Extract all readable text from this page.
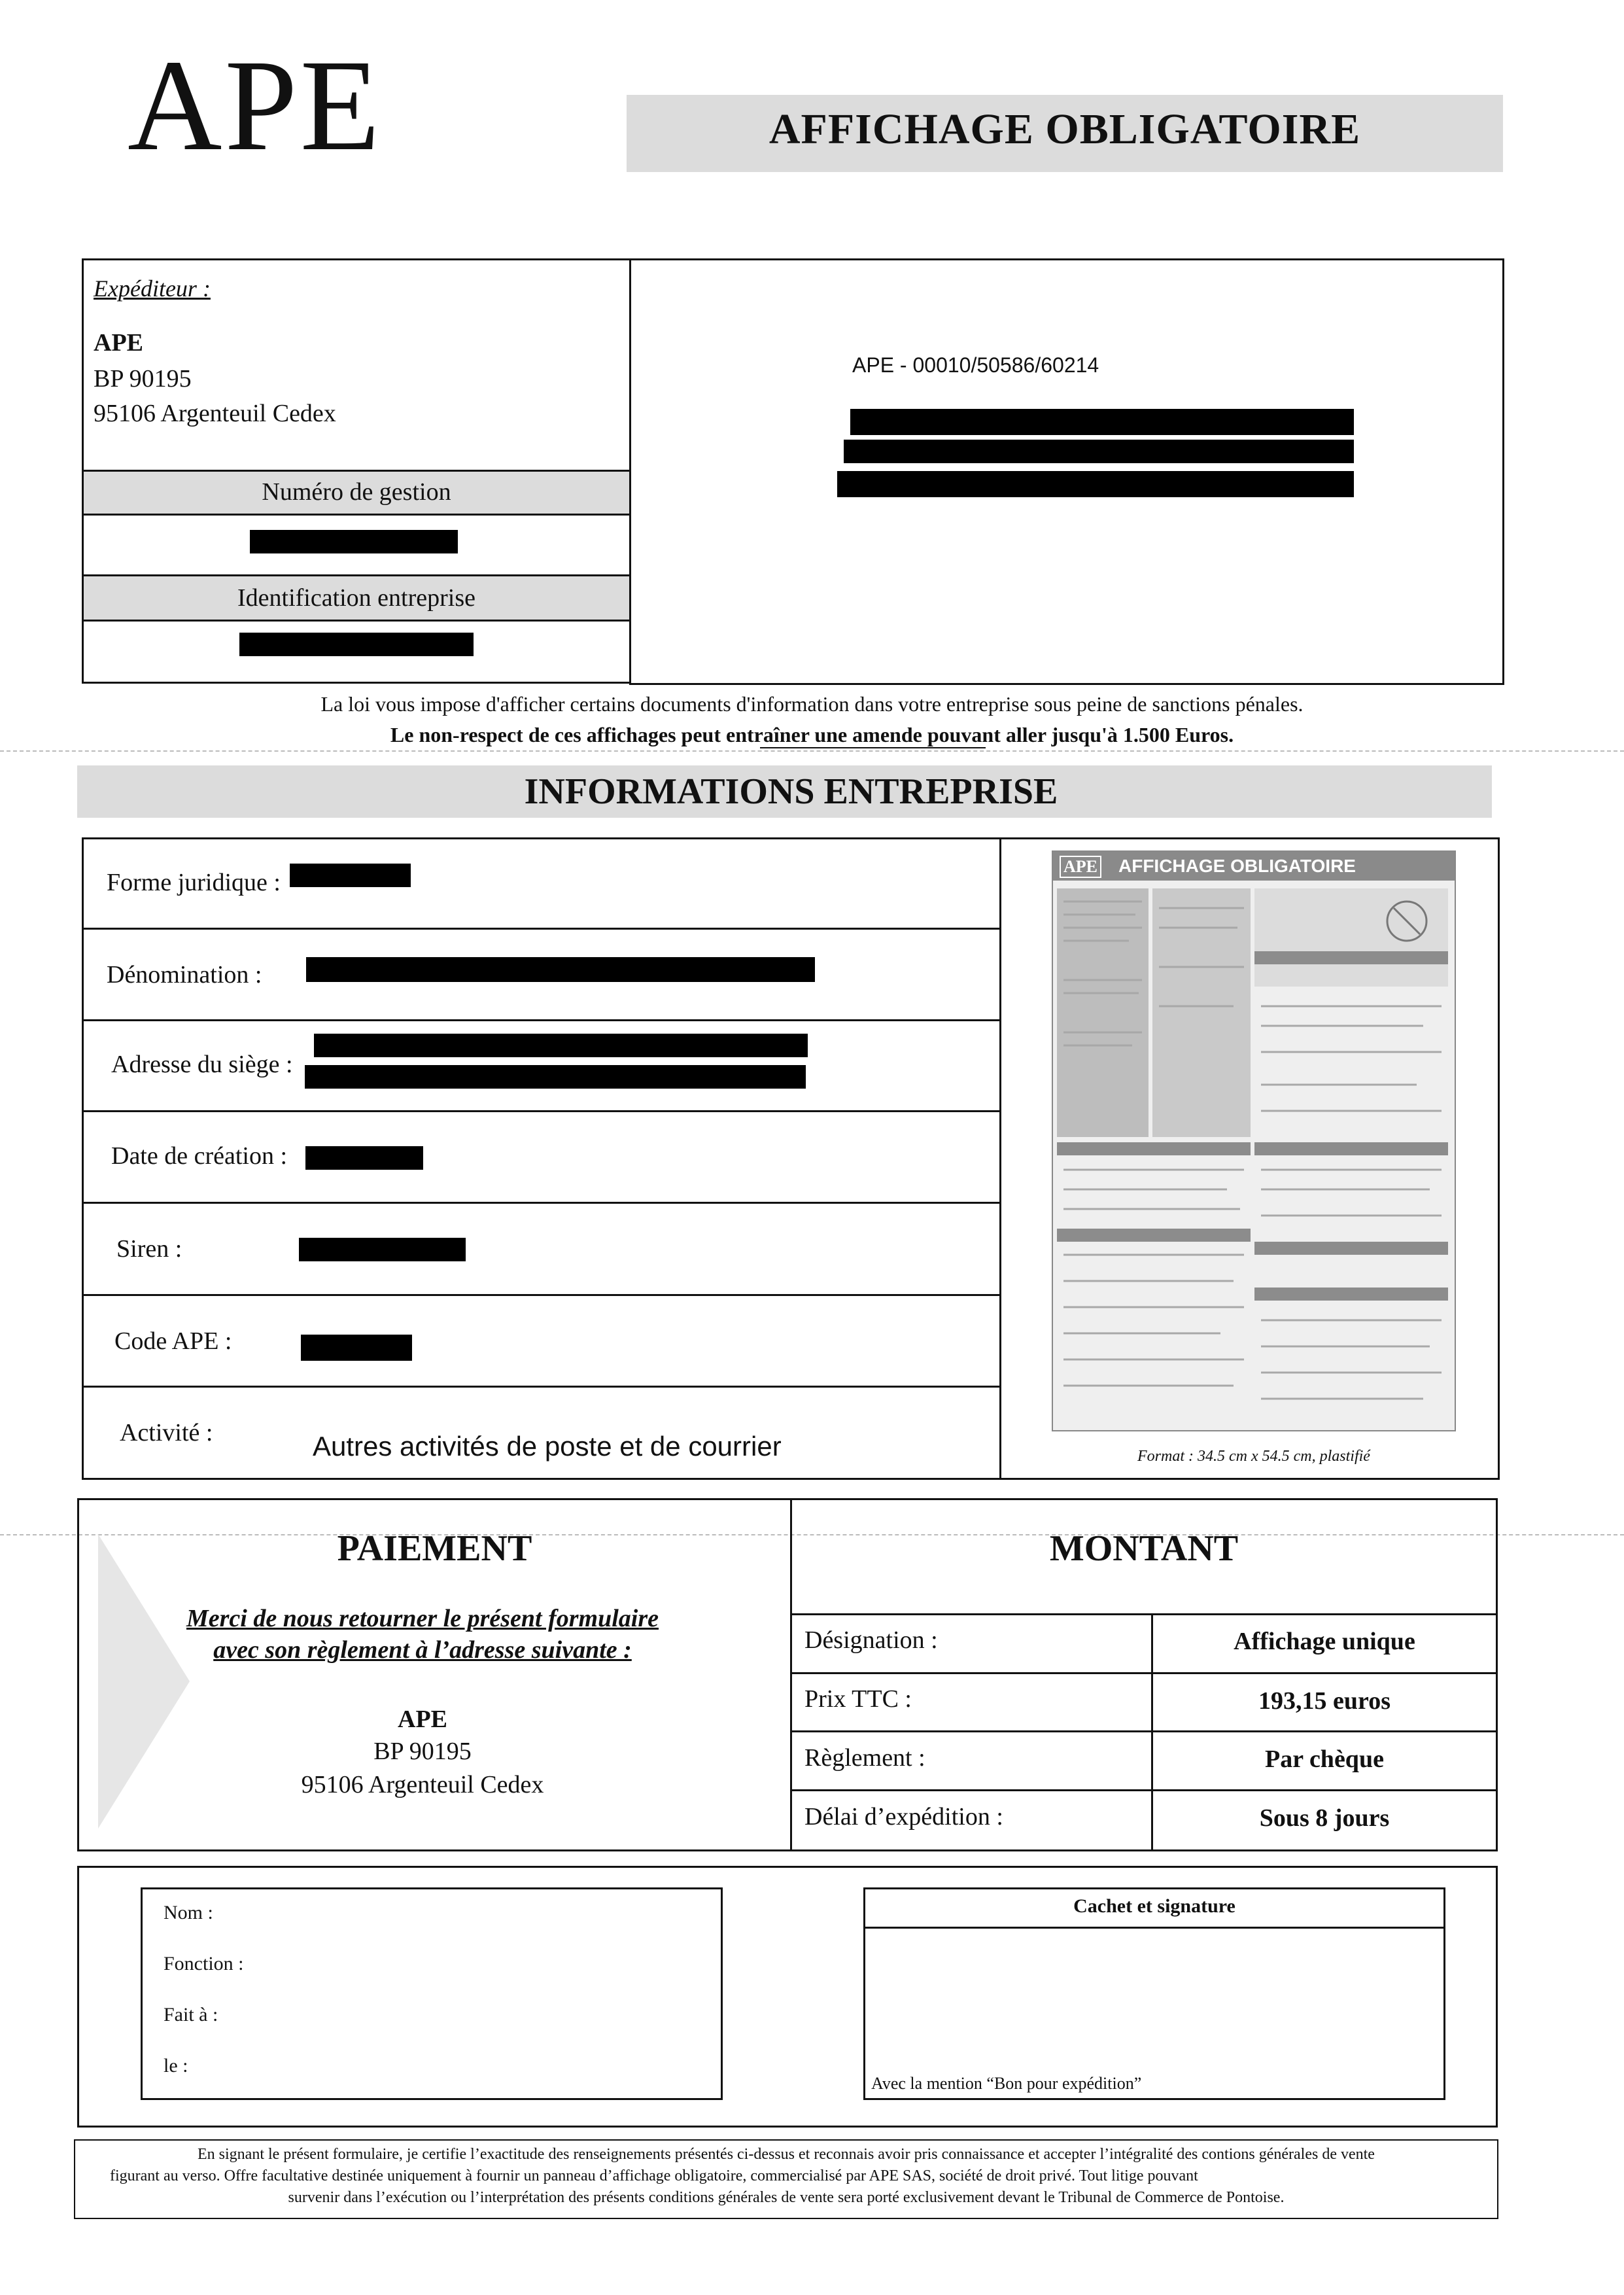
APE	AFFICHAGE OBLIGATOIRE
Expéditeur :
APE
BP 90195
95106 Argenteuil Cedex
Numéro de gestion
Identification entreprise
APE - 00010/50586/60214
La loi vous impose d'afficher certains documents d'information dans votre entreprise sous peine de sanctions pénales.
Le non-respect de ces affichages peut entraîner une amende pouvant aller jusqu'à 1.500 Euros.
INFORMATIONS ENTREPRISE
Forme juridique :
Dénomination :
Adresse du siège :
Date de création :
Siren :
Code APE :
Activité :	Autres activités de poste et de courrier
APE AFFICHAGE OBLIGATOIRE
Format : 34.5 cm x 54.5 cm, plastifié
PAIEMENT
Merci de nous retourner le présent formulaire
avec son règlement à l’adresse suivante :
APE
BP 90195
95106 Argenteuil Cedex
MONTANT
Désignation :	Affichage unique
Prix TTC :	193,15 euros
Règlement :	Par chèque
Délai d’expédition :	Sous 8 jours
Nom :
Fonction :
Fait à :
le :
Cachet et signature
Avec la mention “Bon pour expédition”
En signant le présent formulaire, je certifie l’exactitude des renseignements présentés ci-dessus et reconnais avoir pris connaissance et accepter l’intégralité des contions générales de vente
figurant au verso. Offre facultative destinée uniquement à fournir un panneau d’affichage obligatoire, commercialisé par APE SAS, société de droit privé. Tout litige pouvant
survenir dans l’exécution ou l’interprétation des présents conditions générales de vente sera porté exclusivement devant le Tribunal de Commerce de Pontoise.
